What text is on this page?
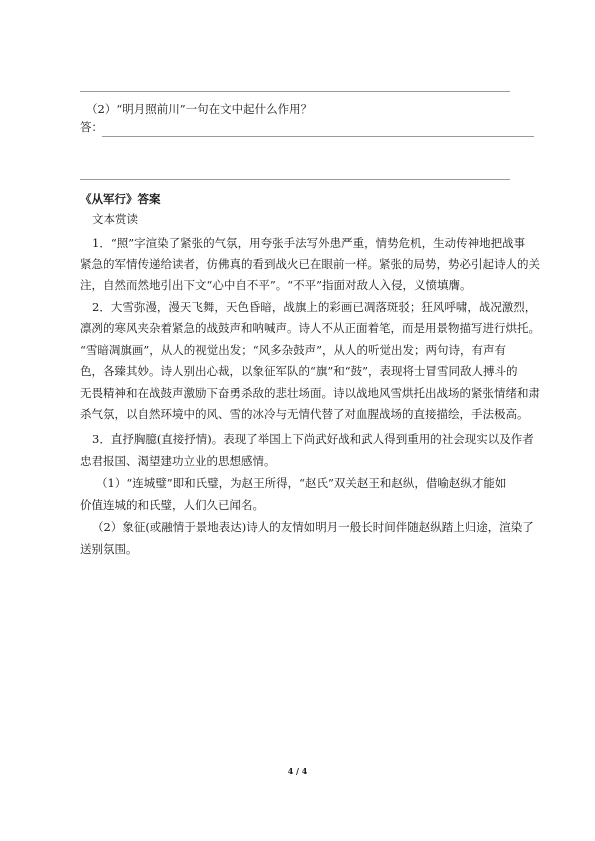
（2）“明月照前川”一句在文中起什么作用？
答：
《从军行》答案
文本赏读
1．“照”字渲染了紧张的气氛，用夸张手法写外患严重，情势危机，生动传神地把战事
紧急的军情传递给读者，仿佛真的看到战火已在眼前一样。紧张的局势，势必引起诗人的关
注，自然而然地引出下文“心中自不平”。“不平”指面对敌人入侵，义愤填膺。
2．大雪弥漫，漫天飞舞，天色昏暗，战旗上的彩画已凋落斑驳；狂风呼啸，战况激烈，
凛冽的寒风夹杂着紧急的战鼓声和呐喊声。诗人不从正面着笔，而是用景物描写进行烘托。
“雪暗凋旗画”，从人的视觉出发；“风多杂鼓声”，从人的听觉出发；两句诗，有声有
色，各臻其妙。诗人别出心裁，以象征军队的“旗”和“鼓”，表现将士冒雪同敌人搏斗的
无畏精神和在战鼓声激励下奋勇杀敌的悲壮场面。诗以战地风雪烘托出战场的紧张情绪和肃
杀气氛，以自然环境中的风、雪的冰冷与无情代替了对血腥战场的直接描绘，手法极高。
3．直抒胸臆(直接抒情)。表现了举国上下尚武好战和武人得到重用的社会现实以及作者
忠君报国、渴望建功立业的思想感情。
（1）“连城璧”即和氏璧，为赵王所得，“赵氏”双关赵王和赵纵，借喻赵纵才能如
价值连城的和氏璧，人们久已闻名。
（2）象征(或融情于景地表达)诗人的友情如明月一般长时间伴随赵纵踏上归途，渲染了
送别氛围。
4 / 4
